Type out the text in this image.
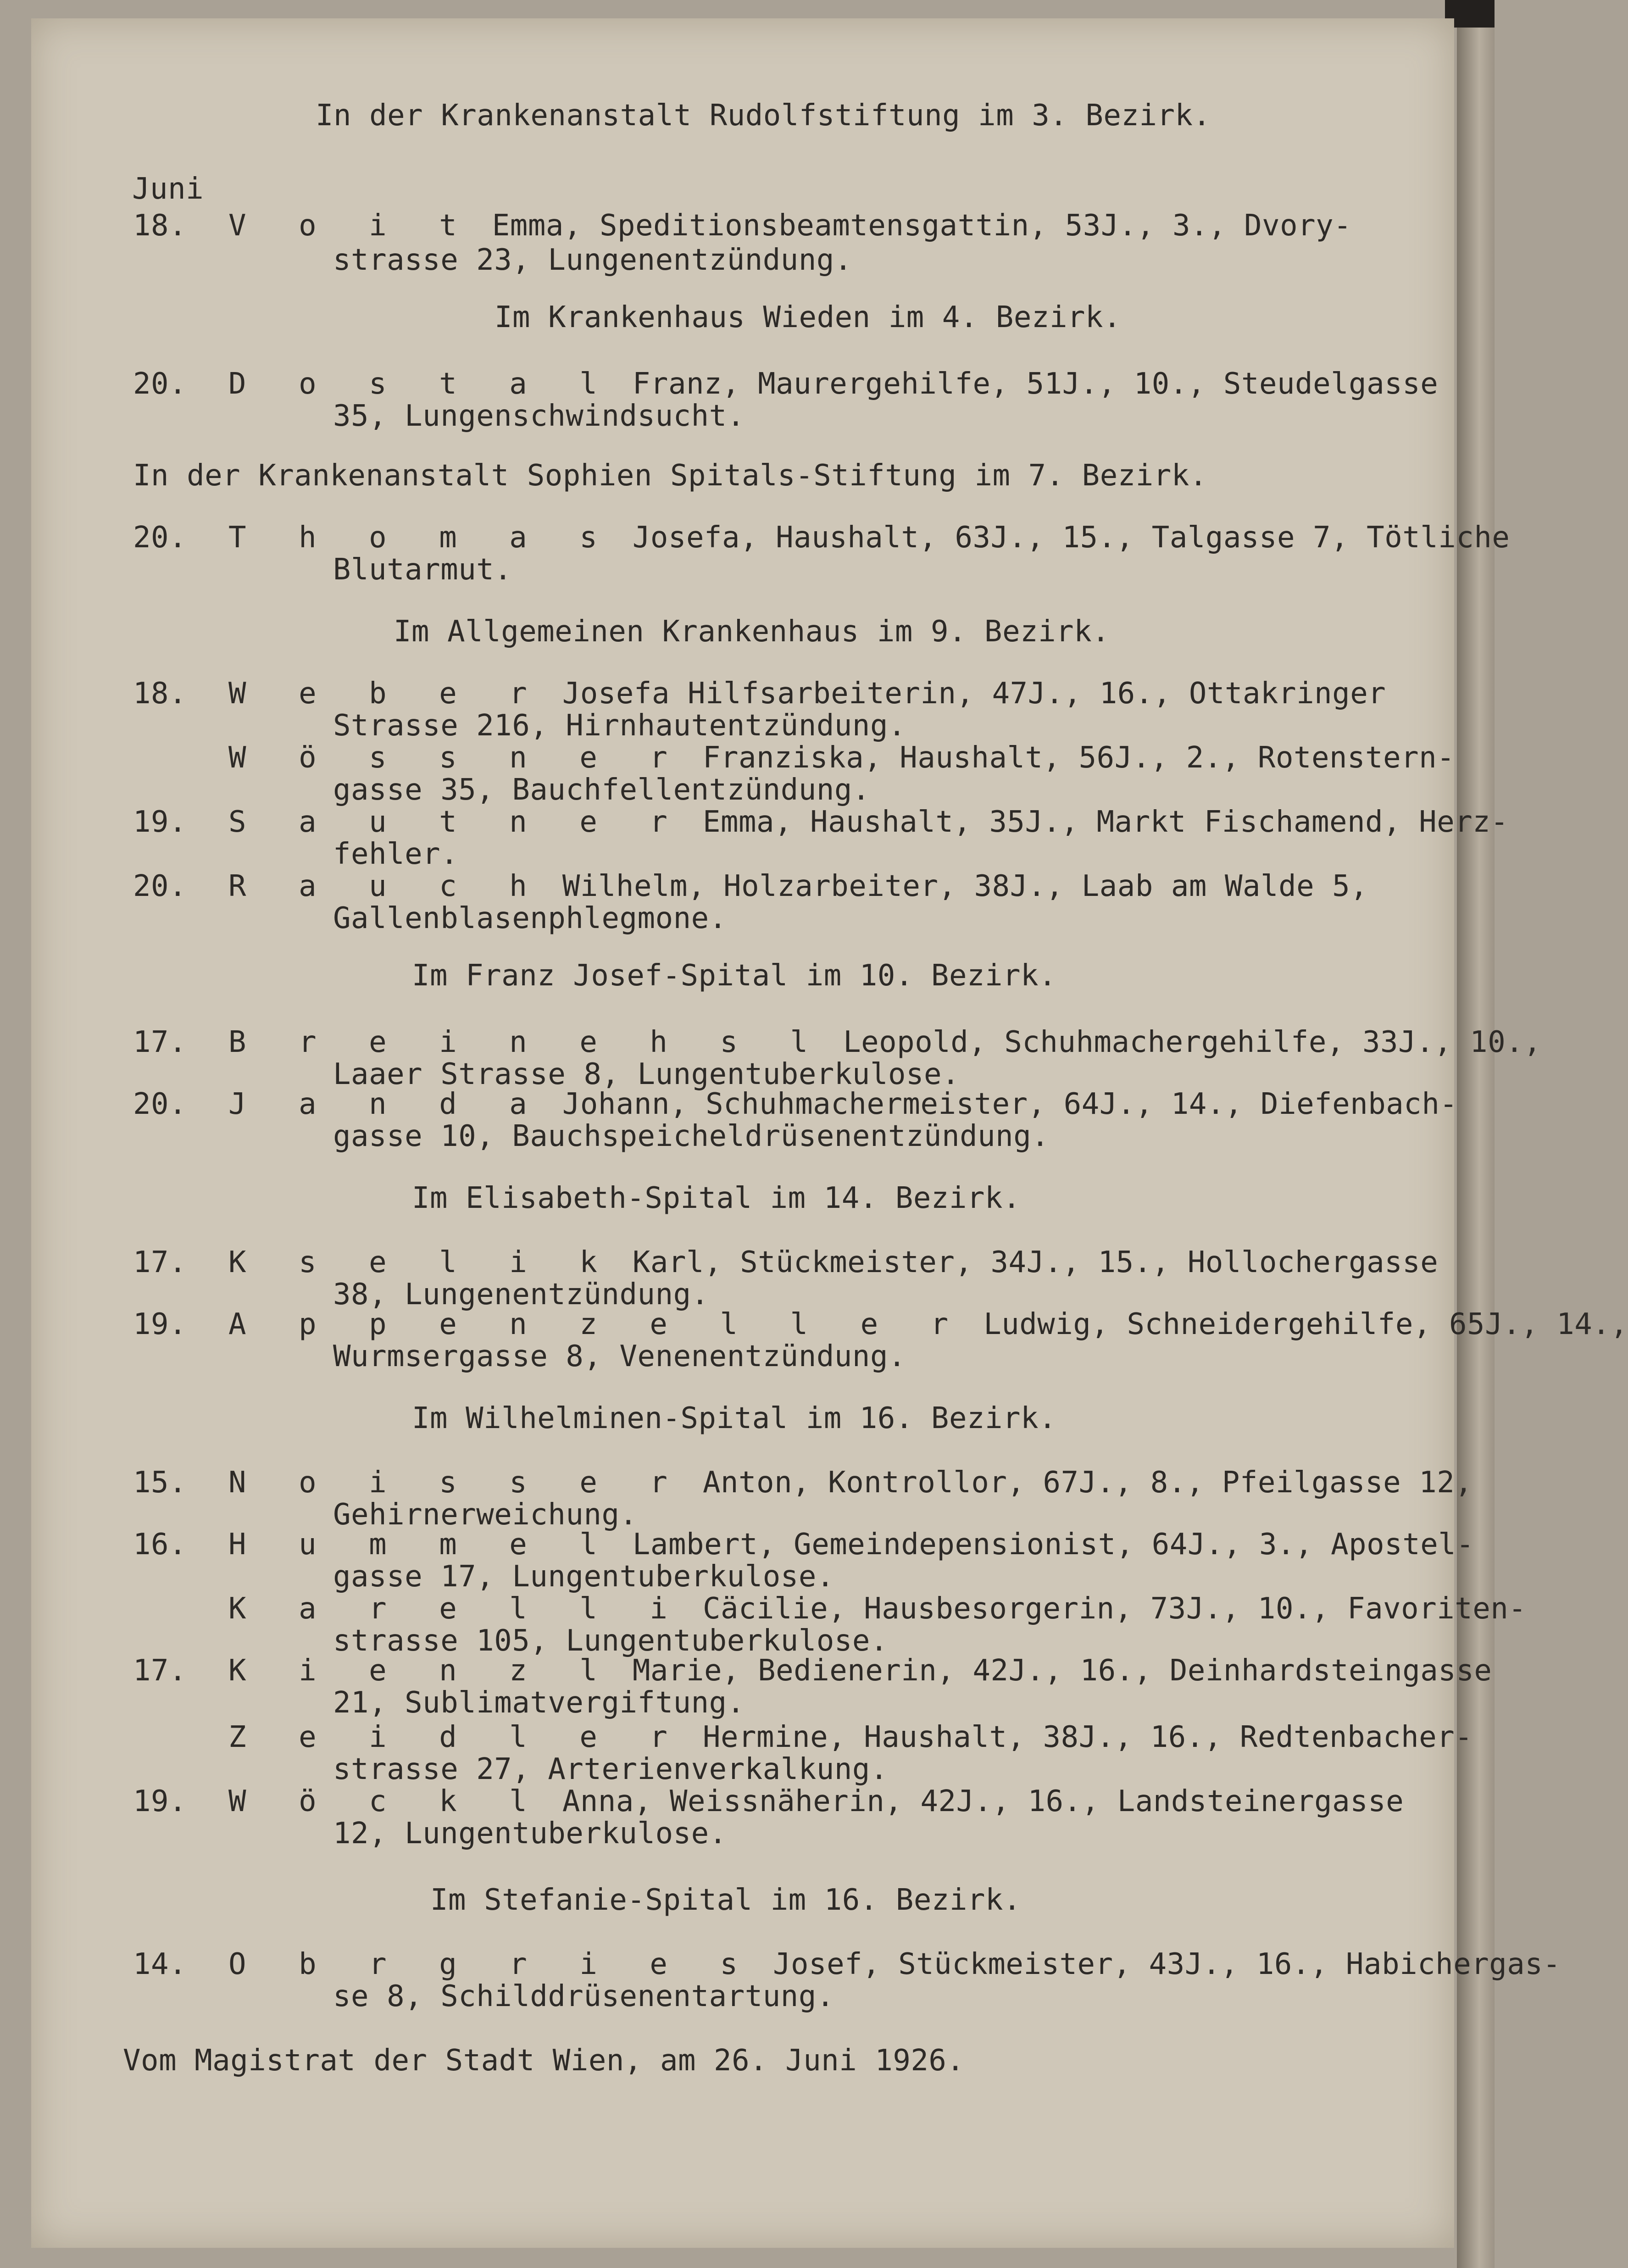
In der Krankenanstalt Rudolfstiftung im 3. Bezirk.
Juni
18. V o i t Emma, Speditionsbeamtensgattin, 53J., 3., Dvory-
strasse 23, Lungenentzündung.
Im Krankenhaus Wieden im 4. Bezirk.
20. D o s t a l Franz, Maurergehilfe, 51J., 10., Steudelgasse
35, Lungenschwindsucht.
In der Krankenanstalt Sophien Spitals-Stiftung im 7. Bezirk.
20. T h o m a s Josefa, Haushalt, 63J., 15., Talgasse 7, Tötliche
Blutarmut.
Im Allgemeinen Krankenhaus im 9. Bezirk.
18. W e b e r Josefa Hilfsarbeiterin, 47J., 16., Ottakringer
Strasse 216, Hirnhautentzündung.
W ö s s n e r Franziska, Haushalt, 56J., 2., Rotenstern-
gasse 35, Bauchfellentzündung.
19. S a u t n e r Emma, Haushalt, 35J., Markt Fischamend, Herz-
fehler.
20. R a u c h Wilhelm, Holzarbeiter, 38J., Laab am Walde 5,
Gallenblasenphlegmone.
Im Franz Josef-Spital im 10. Bezirk.
17. B r e i n e h s l Leopold, Schuhmachergehilfe, 33J., 10.,
Laaer Strasse 8, Lungentuberkulose.
20. J a n d a Johann, Schuhmachermeister, 64J., 14., Diefenbach-
gasse 10, Bauchspeicheldrüsenentzündung.
Im Elisabeth-Spital im 14. Bezirk.
17. K s e l i k Karl, Stückmeister, 34J., 15., Hollochergasse
38, Lungenentzündung.
19. A p p e n z e l l e r Ludwig, Schneidergehilfe, 65J., 14.,
Wurmsergasse 8, Venenentzündung.
Im Wilhelminen-Spital im 16. Bezirk.
15. N o i s s e r Anton, Kontrollor, 67J., 8., Pfeilgasse 12,
Gehirnerweichung.
16. H u m m e l Lambert, Gemeindepensionist, 64J., 3., Apostel-
gasse 17, Lungentuberkulose.
K a r e l l i Cäcilie, Hausbesorgerin, 73J., 10., Favoriten-
strasse 105, Lungentuberkulose.
17. K i e n z l Marie, Bedienerin, 42J., 16., Deinhardsteingasse
21, Sublimatvergiftung.
Z e i d l e r Hermine, Haushalt, 38J., 16., Redtenbacher-
strasse 27, Arterienverkalkung.
19. W ö c k l Anna, Weissnäherin, 42J., 16., Landsteinergasse
12, Lungentuberkulose.
Im Stefanie-Spital im 16. Bezirk.
14. O b r g r i e s Josef, Stückmeister, 43J., 16., Habichergas-
se 8, Schilddrüsenentartung.
Vom Magistrat der Stadt Wien, am 26. Juni 1926.
